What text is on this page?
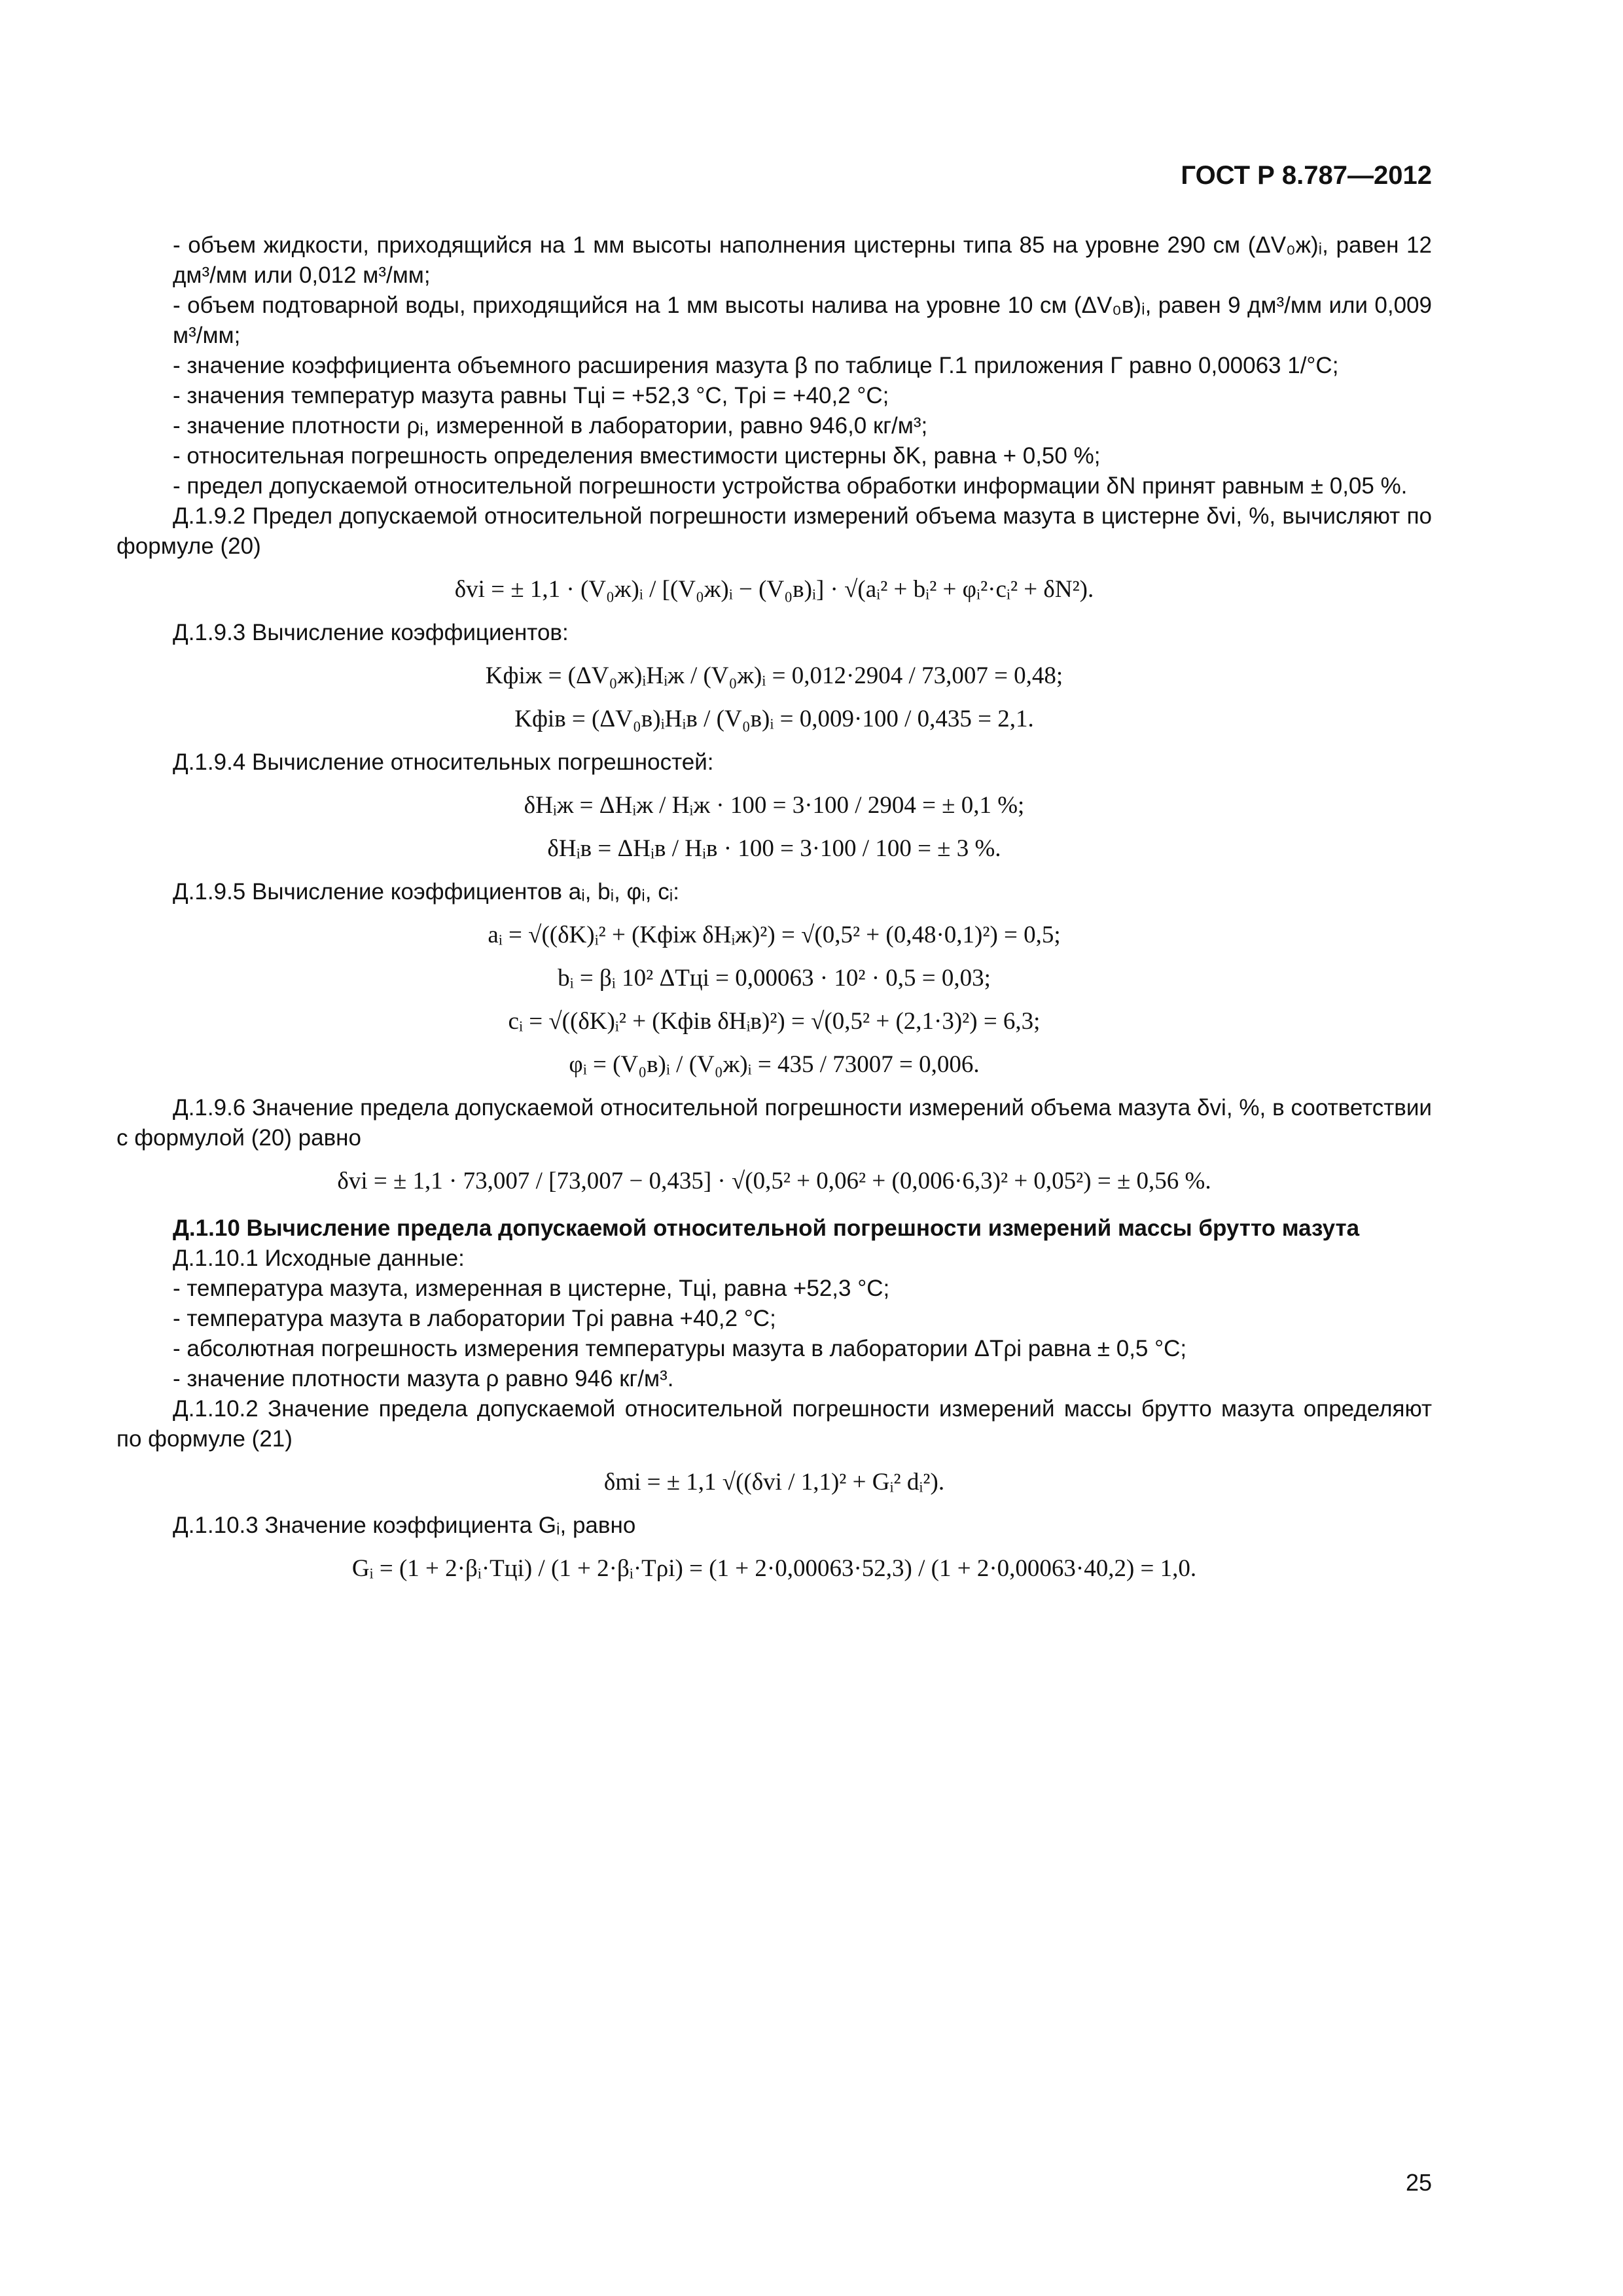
ГОСТ Р 8.787—2012

- объем жидкости, приходящийся на 1 мм высоты наполнения цистерны типа 85 на уровне 290 см (ΔV₀ж)ᵢ, равен 12 дм³/мм или 0,012 м³/мм;

- объем подтоварной воды, приходящийся на 1 мм высоты налива на уровне 10 см (ΔV₀в)ᵢ, равен 9 дм³/мм или 0,009 м³/мм;

- значение коэффициента объемного расширения мазута β по таблице Г.1 приложения Г равно 0,00063 1/°С;

- значения температур мазута равны Tцi = +52,3 °С, Tρi = +40,2 °С;

- значение плотности ρᵢ, измеренной в лаборатории, равно 946,0 кг/м³;

- относительная погрешность определения вместимости цистерны δK, равна + 0,50 %;

- предел допускаемой относительной погрешности устройства обработки информации δN принят равным ± 0,05 %.

Д.1.9.2 Предел допускаемой относительной погрешности измерений объема мазута в цистерне δvi, %, вычисляют по формуле (20)

δvi = ± 1,1 · (V₀ж)ᵢ / [(V₀ж)ᵢ − (V₀в)ᵢ] · √(aᵢ² + bᵢ² + φᵢ²·cᵢ² + δN²).

Д.1.9.3 Вычисление коэффициентов:

Kфiж = (ΔV₀ж)ᵢHᵢж / (V₀ж)ᵢ = 0,012·2904 / 73,007 = 0,48;
Kфiв = (ΔV₀в)ᵢHᵢв / (V₀в)ᵢ = 0,009·100 / 0,435 = 2,1.

Д.1.9.4 Вычисление относительных погрешностей:

δHᵢж = ΔHᵢж / Hᵢж · 100 = 3·100 / 2904 = ± 0,1 %;
δHᵢв = ΔHᵢв / Hᵢв · 100 = 3·100 / 100 = ± 3 %.

Д.1.9.5 Вычисление коэффициентов aᵢ, bᵢ, φᵢ, cᵢ:

aᵢ = √((δK)ᵢ² + (Kфiж δHᵢж)²) = √(0,5² + (0,48·0,1)²) = 0,5;
bᵢ = βᵢ 10² ΔTцi = 0,00063 · 10² · 0,5 = 0,03;
cᵢ = √((δK)ᵢ² + (Kфiв δHᵢв)²) = √(0,5² + (2,1·3)²) = 6,3;
φᵢ = (V₀в)ᵢ / (V₀ж)ᵢ = 435 / 73007 = 0,006.

Д.1.9.6 Значение предела допускаемой относительной погрешности измерений объема мазута δvi, %, в соответствии с формулой (20) равно

δvi = ± 1,1 · 73,007 / [73,007 − 0,435] · √(0,5² + 0,06² + (0,006·6,3)² + 0,05²) = ± 0,56 %.

Д.1.10 Вычисление предела допускаемой относительной погрешности измерений массы брутто мазута

Д.1.10.1 Исходные данные:

- температура мазута, измеренная в цистерне, Tцi, равна +52,3 °С;

- температура мазута в лаборатории Tρi равна +40,2 °С;

- абсолютная погрешность измерения температуры мазута в лаборатории ΔTρi равна ± 0,5 °С;

- значение плотности мазута ρ равно 946 кг/м³.

Д.1.10.2 Значение предела допускаемой относительной погрешности измерений массы брутто мазута определяют по формуле (21)

δmi = ± 1,1 √((δvi / 1,1)² + Gᵢ² dᵢ²).

Д.1.10.3 Значение коэффициента Gᵢ, равно

Gᵢ = (1 + 2·βᵢ·Tцi) / (1 + 2·βᵢ·Tρi) = (1 + 2·0,00063·52,3) / (1 + 2·0,00063·40,2) = 1,0.
25
